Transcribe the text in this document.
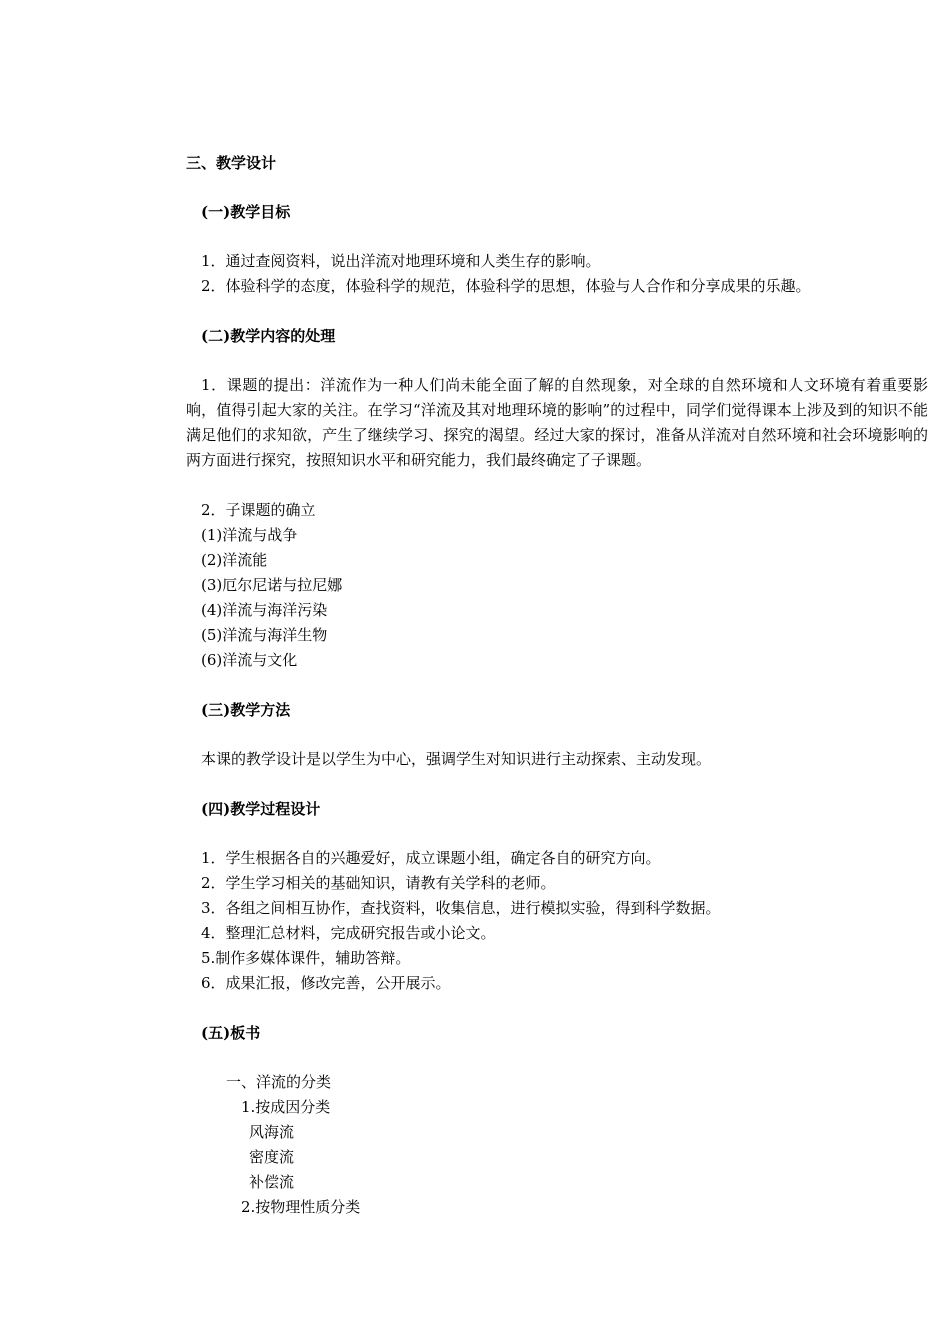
三、教学设计
(一)教学目标
1．通过查阅资料，说出洋流对地理环境和人类生存的影响。
2．体验科学的态度，体验科学的规范，体验科学的思想，体验与人合作和分享成果的乐趣。
(二)教学内容的处理
1．课题的提出：洋流作为一种人们尚未能全面了解的自然现象，对全球的自然环境和人文环境有着重要影响，值得引起大家的关注。在学习“洋流及其对地理环境的影响”的过程中，同学们觉得课本上涉及到的知识不能满足他们的求知欲，产生了继续学习、探究的渴望。经过大家的探讨，准备从洋流对自然环境和社会环境影响的两方面进行探究，按照知识水平和研究能力，我们最终确定了子课题。
2．子课题的确立
(1)洋流与战争
(2)洋流能
(3)厄尔尼诺与拉尼娜
(4)洋流与海洋污染
(5)洋流与海洋生物
(6)洋流与文化
(三)教学方法
本课的教学设计是以学生为中心，强调学生对知识进行主动探索、主动发现。
(四)教学过程设计
1．学生根据各自的兴趣爱好，成立课题小组，确定各自的研究方向。
2．学生学习相关的基础知识，请教有关学科的老师。
3．各组之间相互协作，查找资料，收集信息，进行模拟实验，得到科学数据。
4．整理汇总材料，完成研究报告或小论文。
5.制作多媒体课件，辅助答辩。
6．成果汇报，修改完善，公开展示。
(五)板书
一、洋流的分类
1.按成因分类
风海流
密度流
补偿流
2.按物理性质分类
